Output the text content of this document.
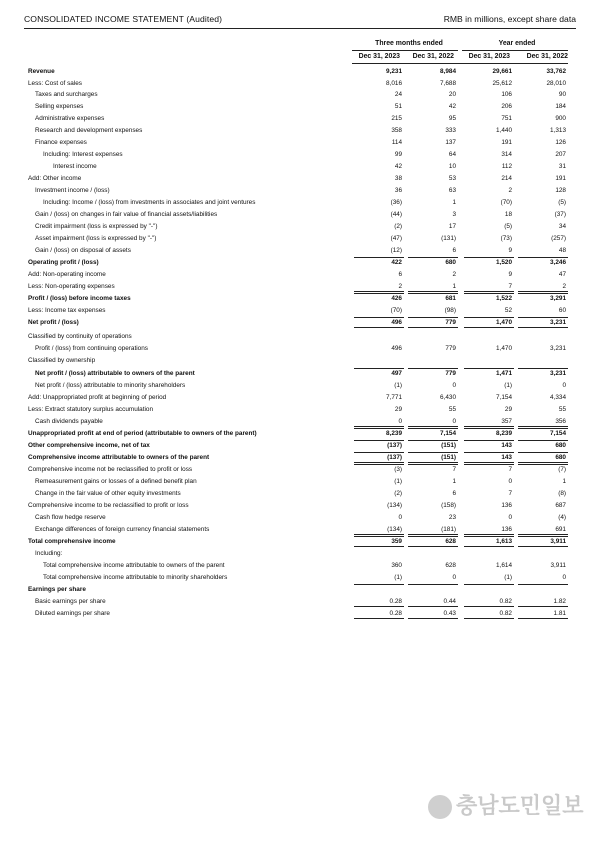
CONSOLIDATED INCOME STATEMENT (Audited)	RMB in millions, except share data
Three months ended	Year ended
Dec 31, 2023	Dec 31, 2022	Dec 31, 2023	Dec 31, 2022
Revenue	9,231	8,984	29,661	33,762
Less: Cost of sales	8,016	7,688	25,612	28,010
Taxes and surcharges	24	20	106	90
Selling expenses	51	42	206	184
Administrative expenses	215	95	751	900
Research and development expenses	358	333	1,440	1,313
Finance expenses	114	137	191	126
Including: Interest expenses	99	64	314	207
Interest income	42	10	112	31
Add: Other income	38	53	214	191
Investment income / (loss)	36	63	2	128
Including: Income / (loss) from investments in associates and joint ventures	(36)	1	(70)	(5)
Gain / (loss) on changes in fair value of financial assets/liabilities	(44)	3	18	(37)
Credit impairment (loss is expressed by "-")	(2)	17	(5)	34
Asset impairment (loss is expressed by "-")	(47)	(131)	(73)	(257)
Gain / (loss) on disposal of assets	(12)	6	9	48
Operating profit / (loss)	422	680	1,520	3,246
Add: Non-operating income	6	2	9	47
Less: Non-operating expenses	2	1	7	2
Profit / (loss) before income taxes	426	681	1,522	3,291
Less: Income tax expenses	(70)	(98)	52	60
Net profit / (loss)	496	779	1,470	3,231
Classified by continuity of operations
Profit / (loss) from continuing operations	496	779	1,470	3,231
Classified by ownership
Net profit / (loss) attributable to owners of the parent	497	779	1,471	3,231
Net profit / (loss) attributable to minority shareholders	(1)	0	(1)	0
Add: Unappropriated profit at beginning of period	7,771	6,430	7,154	4,334
Less: Extract statutory surplus accumulation	29	55	29	55
Cash dividends payable	0	0	357	356
Unappropriated profit at end of period (attributable to owners of the parent)	8,239	7,154	8,239	7,154
Other comprehensive income, net of tax	(137)	(151)	143	680
Comprehensive income attributable to owners of the parent	(137)	(151)	143	680
Comprehensive income not be reclassified to profit or loss	(3)	7	7	(7)
Remeasurement gains or losses of a defined benefit plan	(1)	1	0	1
Change in the fair value of other equity investments	(2)	6	7	(8)
Comprehensive income to be reclassified to profit or loss	(134)	(158)	136	687
Cash flow hedge reserve	0	23	0	(4)
Exchange differences of foreign currency financial statements	(134)	(181)	136	691
Total comprehensive income	359	628	1,613	3,911
Including:
Total comprehensive income attributable to owners of the parent	360	628	1,614	3,911
Total comprehensive income attributable to minority shareholders	(1)	0	(1)	0
Earnings per share
Basic earnings per share	0.28	0.44	0.82	1.82
Diluted earnings per share	0.28	0.43	0.82	1.81
충남도민일보
